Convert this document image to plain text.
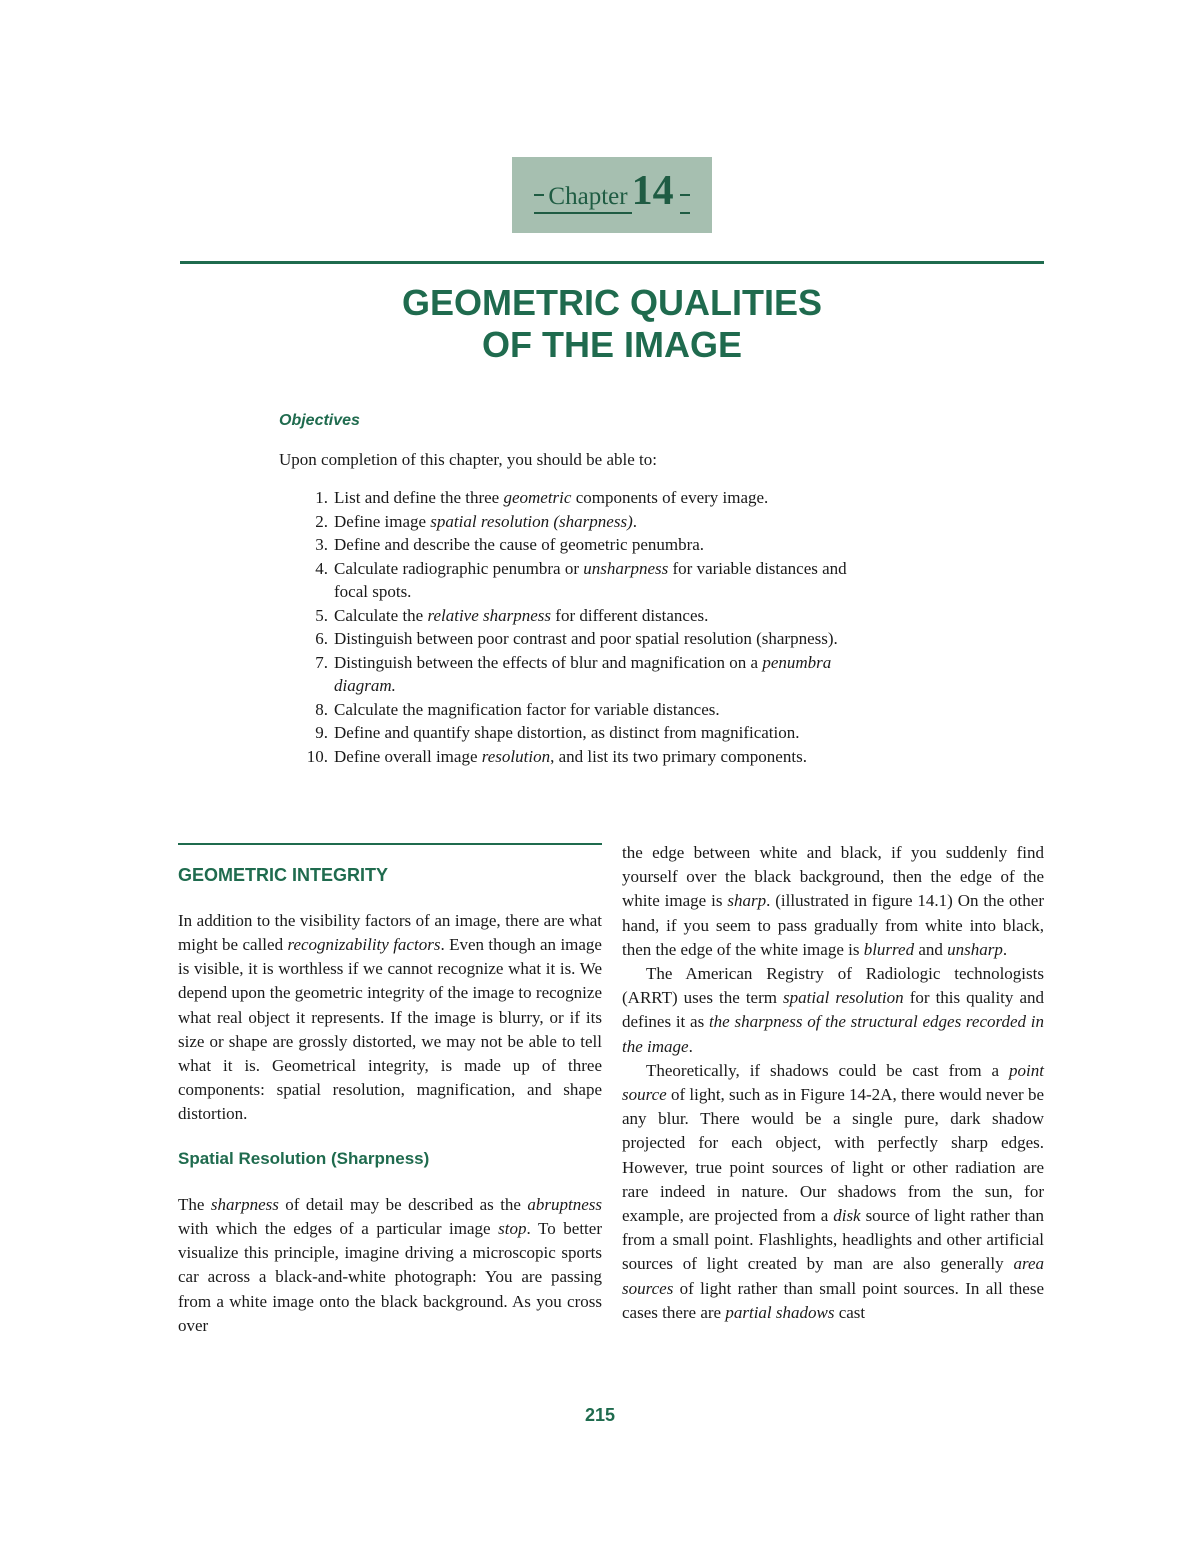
Chapter14
GEOMETRIC QUALITIES
OF THE IMAGE
Objectives

Upon completion of this chapter, you should be able to:

1. List and define the three geometric components of every image.
2. Define image spatial resolution (sharpness).
3. Define and describe the cause of geometric penumbra.
4. Calculate radiographic penumbra or unsharpness for variable distances and
focal spots.
5. Calculate the relative sharpness for different distances.
6. Distinguish between poor contrast and poor spatial resolution (sharpness).
7. Distinguish between the effects of blur and magnification on a penumbra
diagram.
8. Calculate the magnification factor for variable distances.
9. Define and quantify shape distortion, as distinct from magnification.
10. Define overall image resolution, and list its two primary components.
GEOMETRIC INTEGRITY

In addition to the visibility factors of an image, there are what might be called recognizability factors. Even though an image is visible, it is worthless if we cannot recognize what it is. We depend upon the geometric integrity of the image to recognize what real object it represents. If the image is blurry, or if its size or shape are grossly distorted, we may not be able to tell what it is. Geometrical integrity, is made up of three components: spatial resolution, magnification, and shape distortion.

Spatial Resolution (Sharpness)

The sharpness of detail may be described as the abruptness with which the edges of a particular image stop. To better visualize this principle, imagine driving a microscopic sports car across a black-and-white photograph: You are passing from a white image onto the black background. As you cross over

the edge between white and black, if you suddenly find yourself over the black background, then the edge of the white image is sharp. (illustrated in figure 14.1) On the other hand, if you seem to pass gradually from white into black, then the edge of the white image is blurred and unsharp.

The American Registry of Radiologic technologists (ARRT) uses the term spatial resolution for this quality and defines it as the sharpness of the structural edges recorded in the image.

Theoretically, if shadows could be cast from a point source of light, such as in Figure 14-2A, there would never be any blur. There would be a single pure, dark shadow projected for each object, with perfectly sharp edges. However, true point sources of light or other radiation are rare indeed in nature. Our shadows from the sun, for example, are projected from a disk source of light rather than from a small point. Flashlights, headlights and other artificial sources of light created by man are also generally area sources of light rather than small point sources. In all these cases there are partial shadows cast

215
